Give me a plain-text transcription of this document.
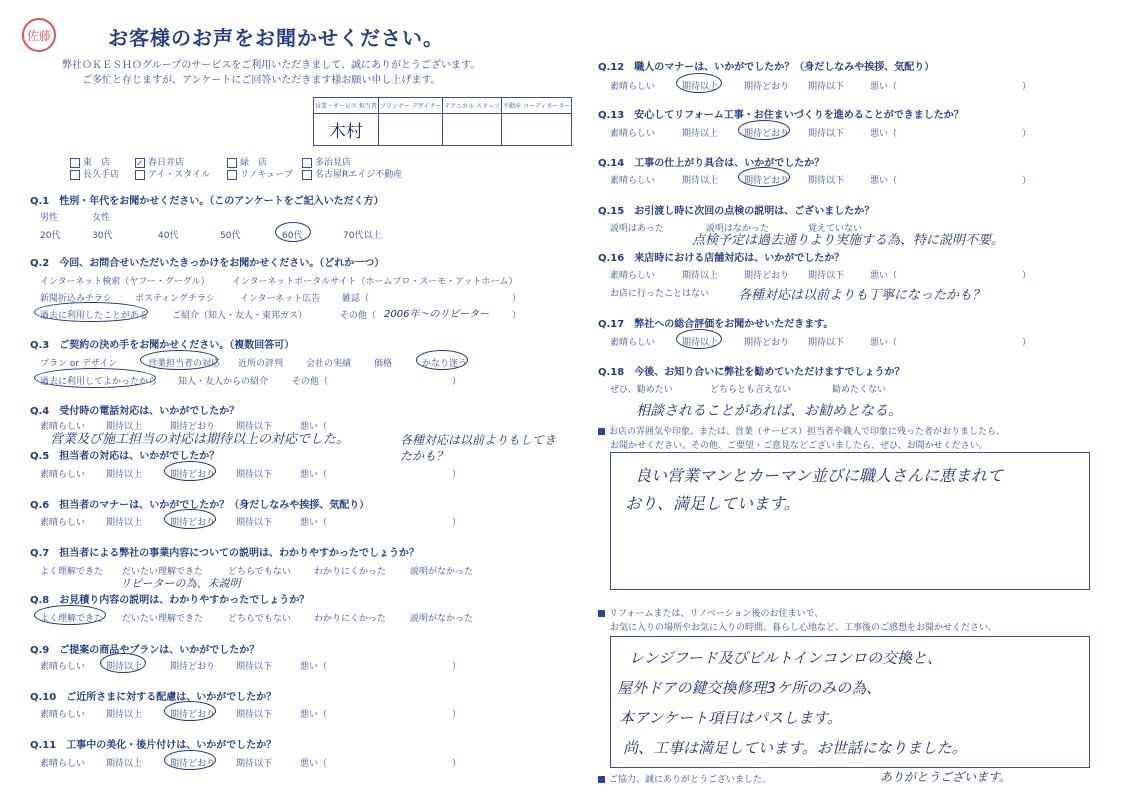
佐藤	お客様のお声をお聞かせください。
弊社ＯＫＥＳＨＯグループのサービスをご利用いただきまして、誠にありがとうございます。
ご多忙と存じますが、アンケートにご回答いただきます様お願い申し上げます。
営業・サービス 担当者	プランナー デザイナー	テクニカル スタッフ	不動産 コーディネーター
木村			
東　店	✓ 春日井店	緑　店	多治見店
長久手店	アイ・スタイル	リノキューブ	名古屋Rエイジ不動産
Q.1　性別・年代をお聞かせください。（このアンケートをご記入いただく方）
男性	女性
20代	30代	40代	50代	60代	70代以上
Q.2　今回、お問合せいただいたきっかけをお聞かせください。（どれか一つ）
インターネット検索（ヤフー・グーグル） インターネットポータルサイト（ホームプロ・スーモ・アットホーム）
新聞折込みチラシ	ポスティングチラシ	インターネット広告 雑誌（	）
過去に利用したことがある	ご紹介（知人・友人・東邦ガス）	その他（ 2006年〜のリピーター	）
Q.3　ご契約の決め手をお聞かせください。（複数回答可）
プラン or デザイン	営業担当者の対応 近所の評判	会社の実績	価格	かなり迷う
過去に利用してよかったから 知人・友人からの紹介	その他（	）
Q.4　受付時の電話対応は、いかがでしたか？
素晴らしい 期待以上	期待どおり 期待以下	悪い（
営業及び施工担当の対応は期待以上の対応でした。	各種対応は以前よりもしてきたかも？
Q.5　担当者の対応は、いかがでしたか？
素晴らしい 期待以上	期待どおり 期待以下	悪い（	）
Q.6　担当者のマナーは、いかがでしたか？（身だしなみや挨拶、気配り）
素晴らしい 期待以上	期待どおり 期待以下	悪い（	）
Q.7　担当者による弊社の事業内容についての説明は、わかりやすかったでしょうか？
よく理解できた だいたい理解できた	どちらでもない	わかりにくかった	説明がなかった
リピーターの為、未説明
Q.8　お見積り内容の説明は、わかりやすかったでしょうか？
よく理解できた だいたい理解できた	どちらでもない	わかりにくかった	説明がなかった
Q.9　ご提案の商品やプランは、いかがでしたか？
素晴らしい 期待以上	期待どおり 期待以下	悪い（	）
Q.10　ご近所さまに対する配慮は、いかがでしたか？
素晴らしい 期待以上	期待どおり 期待以下	悪い（	）
Q.11　工事中の美化・後片付けは、いかがでしたか？
素晴らしい 期待以上	期待どおり 期待以下	悪い（	）
Q.12　職人のマナーは、いかがでしたか？（身だしなみや挨拶、気配り）
素晴らしい	期待以上	期待どおり 期待以下	悪い（	）
Q.13　安心してリフォーム工事・お住まいづくりを進めることができましたか？
素晴らしい	期待以上	期待どおり 期待以下	悪い（	）
Q.14　工事の仕上がり具合は、いかがでしたか？
素晴らしい	期待以上	期待どおり 期待以下	悪い（	）
Q.15　お引渡し時に次回の点検の説明は、ございましたか？
説明はあった	説明はなかった	覚えていない
点検予定は過去通りより実施する為、特に説明不要。
Q.16　来店時における店舗対応は、いかがでしたか？
素晴らしい	期待以上	期待どおり 期待以下	悪い（	）
お店に行ったことはない 各種対応は以前よりも丁寧になったかも？
Q.17　弊社への総合評価をお聞かせいただきます。
素晴らしい	期待以上	期待どおり 期待以下	悪い（	）
Q.18　今後、お知り合いに弊社を勧めていただけますでしょうか？
ぜひ、勧めたい	どちらとも言えない	勧めたくない
相談されることがあれば、お勧めとなる。
お店の雰囲気や印象。または、営業（サービス）担当者や職人で印象に残った者がおりましたら、
お聞かせください。その他、ご要望・ご意見などございましたら、ぜひ、お聞かせください。
良い営業マンとカーマン並びに職人さんに恵まれて
おり、満足しています。
リフォームまたは、リノベーション後のお住まいで、
お気に入りの場所やお気に入りの時間、暮らし心地など、工事後のご感想をお聞かせください。
レンジフード及びビルトインコンロの交換と、
屋外ドアの鍵交換修理3ケ所のみの為、
本アンケート項目はパスします。
尚、工事は満足しています。お世話になりました。
ご協力、誠にありがとうございました。	ありがとうございます。
